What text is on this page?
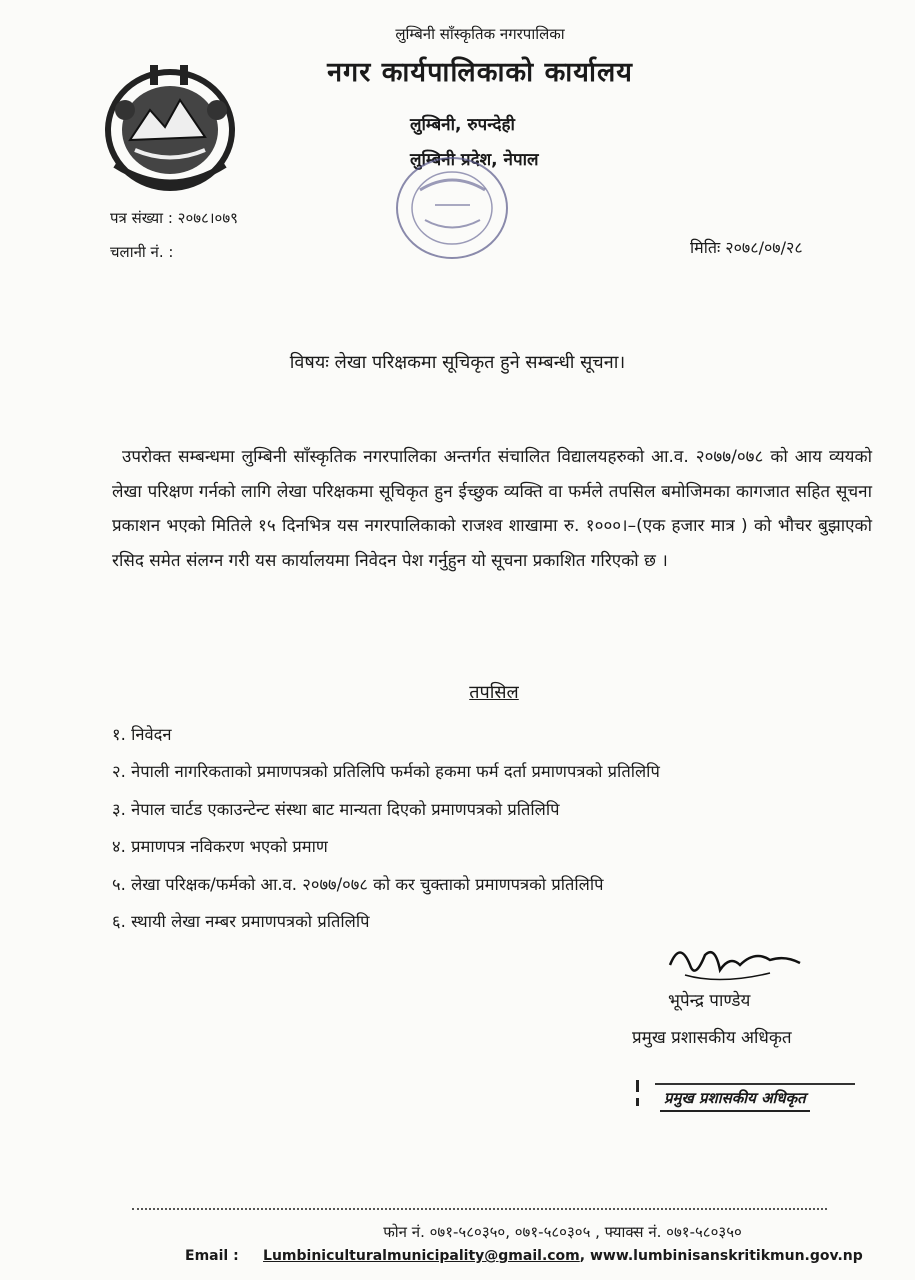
लुम्बिनी साँस्कृतिक नगरपालिका
नगर कार्यपालिकाको कार्यालय
लुम्बिनी, रुपन्देही
लुम्बिनी प्रदेश, नेपाल
पत्र संख्या : २०७८।०७९
चलानी नं. :	मितिः २०७८/०७/२८
विषयः लेखा परिक्षकमा सूचिकृत हुने सम्बन्धी सूचना।
उपरोक्त सम्बन्धमा लुम्बिनी साँस्कृतिक नगरपालिका अन्तर्गत संचालित विद्यालयहरुको आ.व. २०७७/०७८ को आय व्ययको लेखा परिक्षण गर्नको लागि लेखा परिक्षकमा सूचिकृत हुन ईच्छुक व्यक्ति वा फर्मले तपसिल बमोजिमका कागजात सहित सूचना प्रकाशन भएको मितिले १५ दिनभित्र यस नगरपालिकाको राजश्व शाखामा रु. १०००।–(एक हजार मात्र ) को भौचर बुझाएको रसिद समेत संलग्न गरी यस कार्यालयमा निवेदन पेश गर्नुहुन यो सूचना प्रकाशित गरिएको छ ।
तपसिल
१. निवेदन
२. नेपाली नागरिकताको प्रमाणपत्रको प्रतिलिपि फर्मको हकमा फर्म दर्ता प्रमाणपत्रको प्रतिलिपि
३. नेपाल चार्टड एकाउन्टेन्ट संस्था बाट मान्यता दिएको प्रमाणपत्रको प्रतिलिपि
४. प्रमाणपत्र नविकरण भएको प्रमाण
५. लेखा परिक्षक/फर्मको आ.व. २०७७/०७८ को कर चुक्ताको प्रमाणपत्रको प्रतिलिपि
६. स्थायी लेखा नम्बर प्रमाणपत्रको प्रतिलिपि
भूपेन्द्र पाण्डेय
प्रमुख प्रशासकीय अधिकृत
प्रमुख प्रशासकीय अधिकृत
फोन नं. ०७१-५८०३५०, ०७१-५८०३०५ , फ्याक्स नं. ०७१-५८०३५०
Email : Lumbiniculturalmunicipality@gmail.com, www.lumbinisanskritikmun.gov.np
